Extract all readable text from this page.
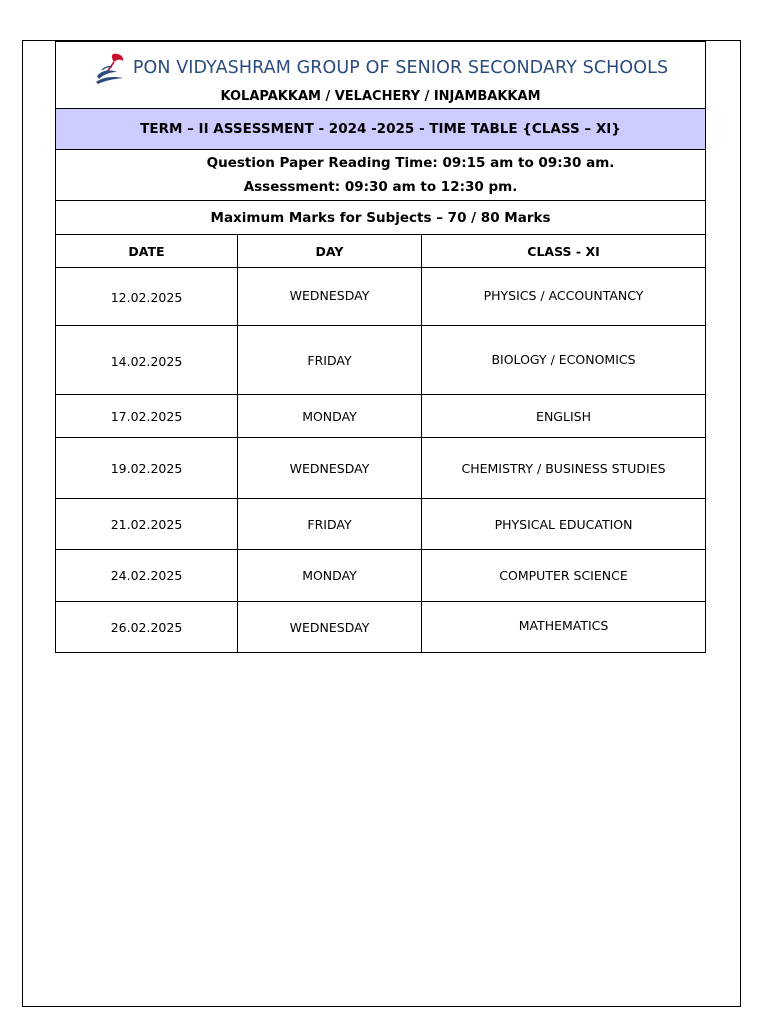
PON VIDYASHRAM GROUP OF SENIOR SECONDARY SCHOOLS
KOLAPAKKAM / VELACHERY / INJAMBAKKAM		

TERM – II ASSESSMENT - 2024 -2025 - TIME TABLE {CLASS – XI}		

Question Paper Reading Time: 09:15 am to 09:30 am.
Assessment: 09:30 am to 12:30 pm.		

Maximum Marks for Subjects – 70 / 80 Marks		
DATE	DAY	CLASS - XI
12.02.2025	WEDNESDAY	PHYSICS / ACCOUNTANCY
14.02.2025	FRIDAY	BIOLOGY / ECONOMICS
17.02.2025	MONDAY	ENGLISH
19.02.2025	WEDNESDAY	CHEMISTRY / BUSINESS STUDIES
21.02.2025	FRIDAY	PHYSICAL EDUCATION
24.02.2025	MONDAY	COMPUTER SCIENCE
26.02.2025	WEDNESDAY	MATHEMATICS
